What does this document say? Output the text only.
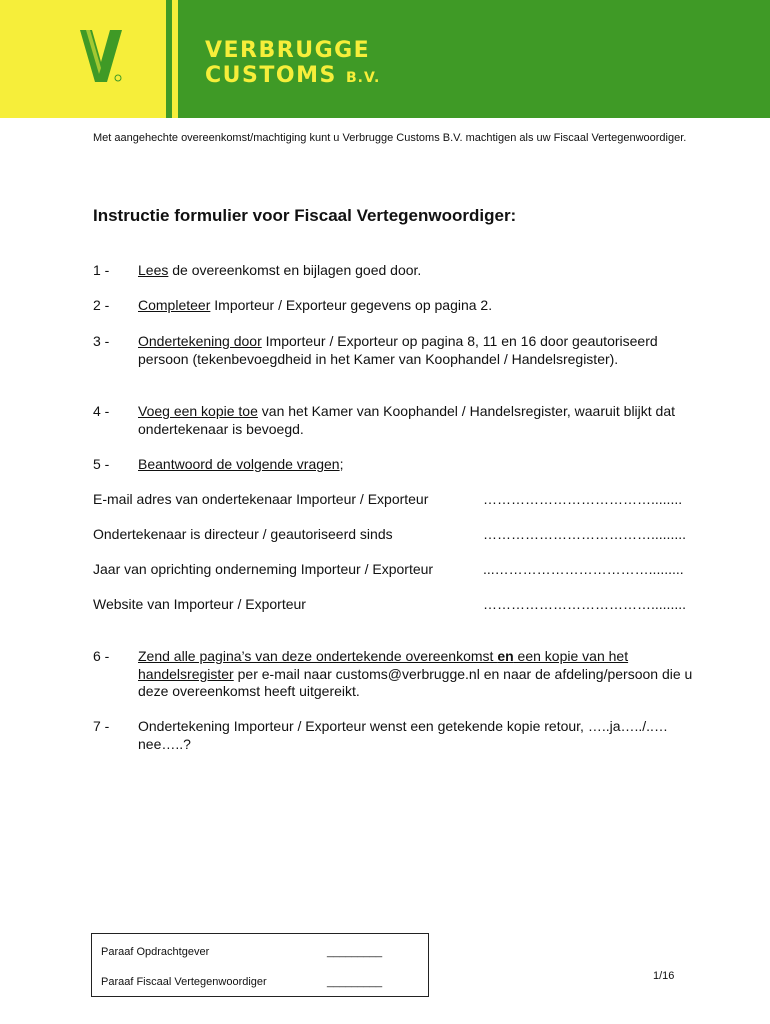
VERBRUGGE
CUSTOMS B.V.
Met aangehechte overeenkomst/machtiging kunt u Verbrugge Customs B.V. machtigen als uw Fiscaal Vertegenwoordiger.
Instructie formulier voor Fiscaal Vertegenwoordiger:
1 - Lees de overeenkomst en bijlagen goed door.
2 - Completeer Importeur / Exporteur gegevens op pagina 2.
3 - Ondertekening door Importeur / Exporteur op pagina 8, 11 en 16 door geautoriseerd persoon (tekenbevoegdheid in het Kamer van Koophandel / Handelsregister).
4 - Voeg een kopie toe van het Kamer van Koophandel / Handelsregister, waaruit blijkt dat ondertekenaar is bevoegd.
5 - Beantwoord de volgende vragen;
E-mail adres van ondertekenaar Importeur / Exporteur	………………………………........
Ondertekenaar is directeur / geautoriseerd sinds	……………………………….........
Jaar van oprichting onderneming Importeur / Exporteur	...…………………………….........
Website van Importeur / Exporteur	……………………………….........
6 - Zend alle pagina’s van deze ondertekende overeenkomst en een kopie van het handelsregister per e-mail naar customs@verbrugge.nl en naar de afdeling/persoon die u deze overeenkomst heeft uitgereikt.
7 - Ondertekening Importeur / Exporteur wenst een getekende kopie retour, …..ja…../..…nee…..?
Paraaf Opdrachtgever	_________
Paraaf Fiscaal Vertegenwoordiger	_________	1/16
